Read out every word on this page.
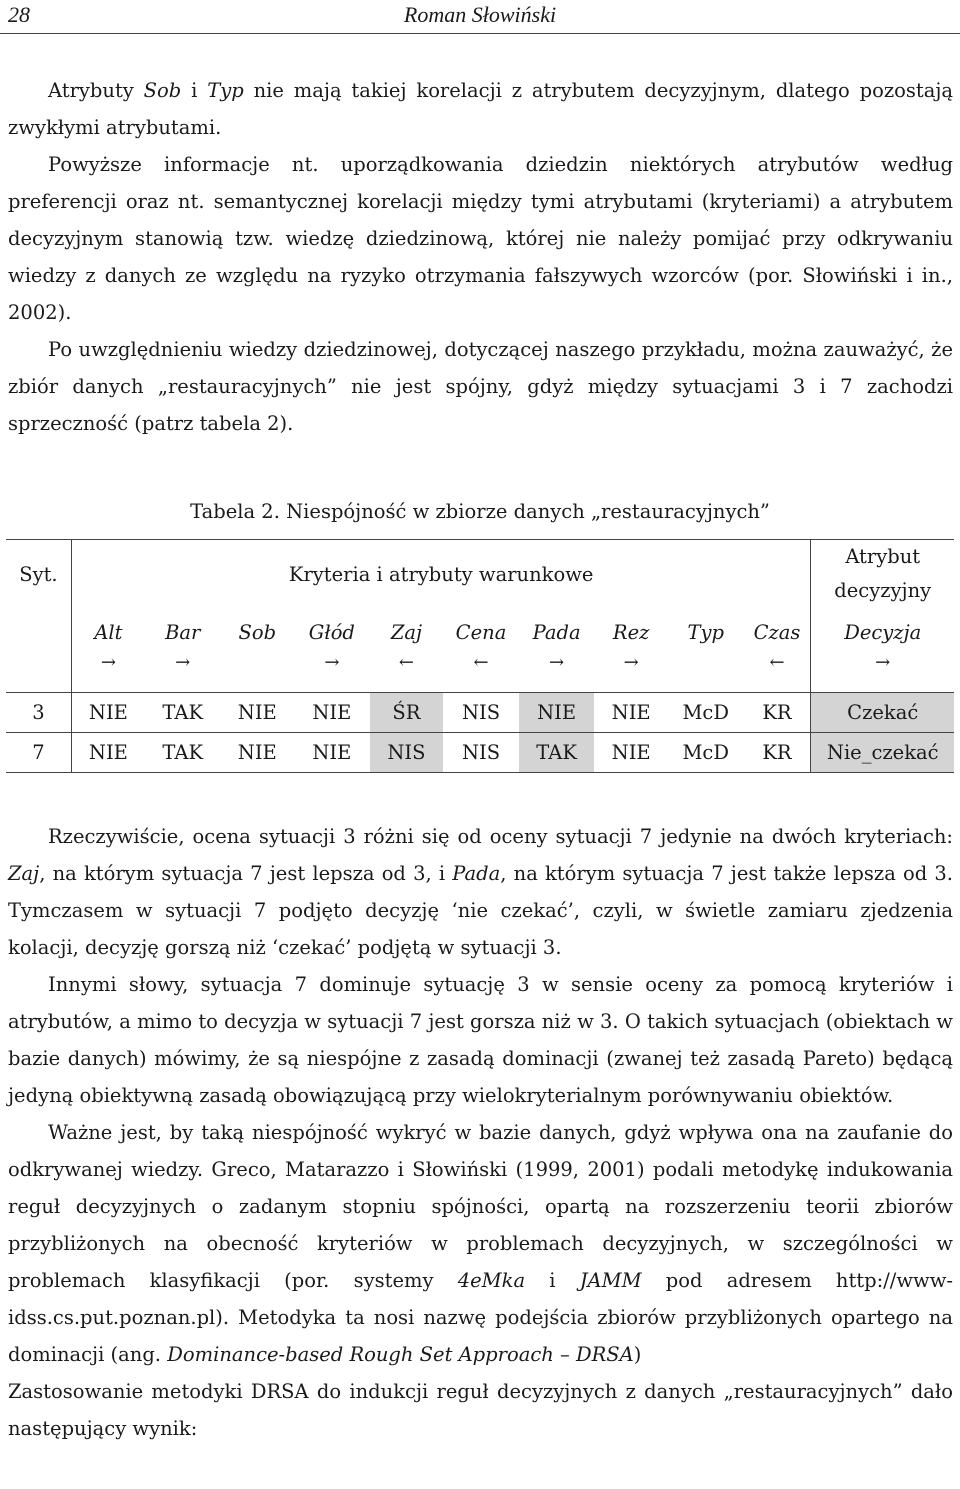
28	Roman Słowiński

Atrybuty Sob i Typ nie mają takiej korelacji z atrybutem decyzyjnym, dlatego pozostają zwykłymi atrybutami.

Powyższe informacje nt. uporządkowania dziedzin niektórych atrybutów według preferencji oraz nt. semantycznej korelacji między tymi atrybutami (kryteriami) a atrybutem decyzyjnym stanowią tzw. wiedzę dziedzinową, której nie należy pomijać przy odkrywaniu wiedzy z danych ze względu na ryzyko otrzymania fałszywych wzorców (por. Słowiński i in., 2002).

Po uwzględnieniu wiedzy dziedzinowej, dotyczącej naszego przykładu, można zauważyć, że zbiór danych „restauracyjnych” nie jest spójny, gdyż między sytuacjami 3 i 7 zachodzi sprzeczność (patrz tabela 2).

Tabela 2. Niespójność w zbiorze danych „restauracyjnych”
Syt.	Kryteria i atrybuty warunkowe										Atrybut decyzyjny
	Alt	Bar	Sob	Głód	Zaj	Cena	Pada	Rez	Typ	Czas	Decyzja
	→	→		→	←	←	→	→		←	→
3	NIE	TAK	NIE	NIE	ŚR	NIS	NIE	NIE	McD	KR	Czekać
7	NIE	TAK	NIE	NIE	NIS	NIS	TAK	NIE	McD	KR	Nie_czekać

Rzeczywiście, ocena sytuacji 3 różni się od oceny sytuacji 7 jedynie na dwóch kryteriach: Zaj, na którym sytuacja 7 jest lepsza od 3, i Pada, na którym sytuacja 7 jest także lepsza od 3. Tymczasem w sytuacji 7 podjęto decyzję ‘nie czekać’, czyli, w świetle zamiaru zjedzenia kolacji, decyzję gorszą niż ‘czekać’ podjętą w sytuacji 3.

Innymi słowy, sytuacja 7 dominuje sytuację 3 w sensie oceny za pomocą kryteriów i atrybutów, a mimo to decyzja w sytuacji 7 jest gorsza niż w 3. O takich sytuacjach (obiektach w bazie danych) mówimy, że są niespójne z zasadą dominacji (zwanej też zasadą Pareto) będącą jedyną obiektywną zasadą obowiązującą przy wielokryterialnym porównywaniu obiektów.

Ważne jest, by taką niespójność wykryć w bazie danych, gdyż wpływa ona na zaufanie do odkrywanej wiedzy. Greco, Matarazzo i Słowiński (1999, 2001) podali metodykę indukowania reguł decyzyjnych o zadanym stopniu spójności, opartą na rozszerzeniu teorii zbiorów przybliżonych na obecność kryteriów w problemach decyzyjnych, w szczególności w problemach klasyfikacji (por. systemy 4eMka i JAMM pod adresem http://www-idss.cs.put.poznan.pl). Metodyka ta nosi nazwę podejścia zbiorów przybliżonych opartego na dominacji (ang. Dominance-based Rough Set Approach – DRSA)

Zastosowanie metodyki DRSA do indukcji reguł decyzyjnych z danych „restauracyjnych” dało następujący wynik:
